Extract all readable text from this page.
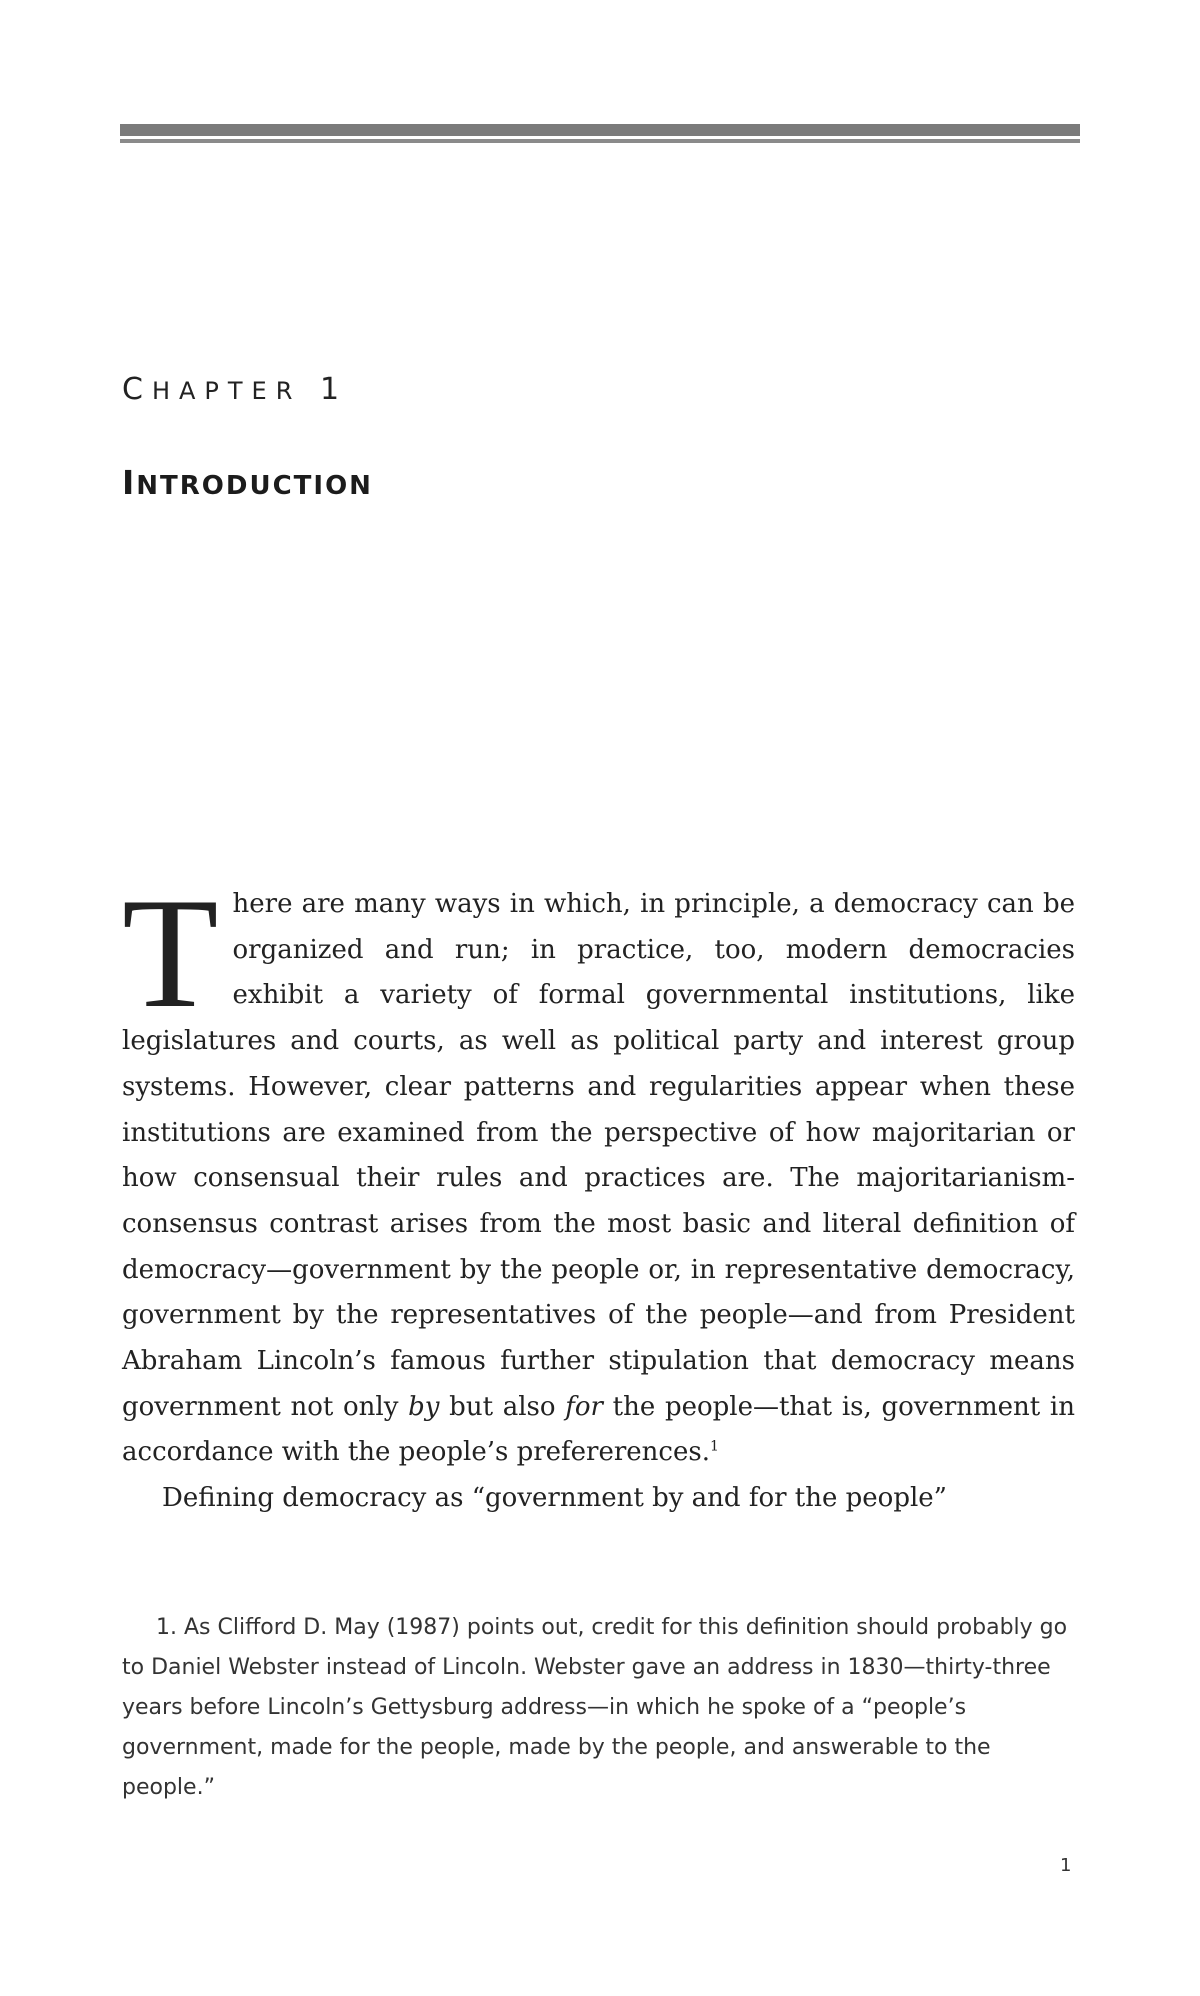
CHAPTER 1
INTRODUCTION

There are many ways in which, in principle, a democracy can be organized and run; in practice, too, modern democracies exhibit a variety of formal governmental institutions, like legislatures and courts, as well as political party and interest group systems. However, clear patterns and regularities appear when these institutions are examined from the perspective of how majoritarian or how consensual their rules and practices are. The majoritarianism-consensus contrast arises from the most basic and literal definition of democracy—government by the people or, in representative democracy, government by the representatives of the people—and from President Abraham Lincoln’s famous further stipulation that democracy means government not only by but also for the people—that is, government in accordance with the people’s prefererences.$^1$

Defining democracy as “government by and for the people”

1. As Clifford D. May (1987) points out, credit for this definition should probably go to Daniel Webster instead of Lincoln. Webster gave an address in 1830—thirty-three years before Lincoln’s Gettysburg address—in which he spoke of a “people’s government, made for the people, made by the people, and answerable to the people.”

1
